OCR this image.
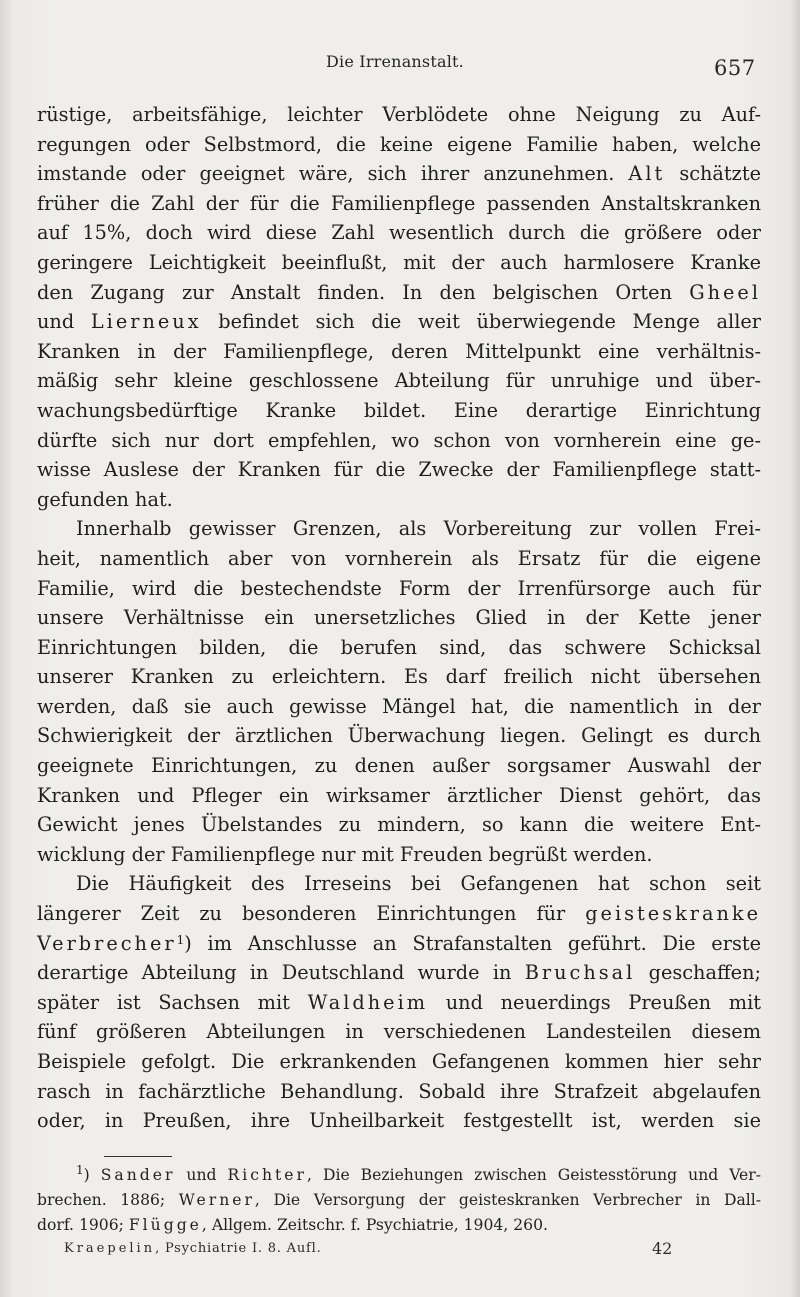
Die Irrenanstalt.	657
rüstige, arbeitsfähige, leichter Verblödete ohne Neigung zu Auf-
regungen oder Selbstmord, die keine eigene Familie haben, welche
imstande oder geeignet wäre, sich ihrer anzunehmen. Alt schätzte
früher die Zahl der für die Familienpflege passenden Anstaltskranken
auf 15%, doch wird diese Zahl wesentlich durch die größere oder
geringere Leichtigkeit beeinflußt, mit der auch harmlosere Kranke
den Zugang zur Anstalt finden. In den belgischen Orten Gheel
und Lierneux befindet sich die weit überwiegende Menge aller
Kranken in der Familienpflege, deren Mittelpunkt eine verhältnis-
mäßig sehr kleine geschlossene Abteilung für unruhige und über-
wachungsbedürftige Kranke bildet. Eine derartige Einrichtung
dürfte sich nur dort empfehlen, wo schon von vornherein eine ge-
wisse Auslese der Kranken für die Zwecke der Familienpflege statt-
gefunden hat.
Innerhalb gewisser Grenzen, als Vorbereitung zur vollen Frei-
heit, namentlich aber von vornherein als Ersatz für die eigene
Familie, wird die bestechendste Form der Irrenfürsorge auch für
unsere Verhältnisse ein unersetzliches Glied in der Kette jener
Einrichtungen bilden, die berufen sind, das schwere Schicksal
unserer Kranken zu erleichtern. Es darf freilich nicht übersehen
werden, daß sie auch gewisse Mängel hat, die namentlich in der
Schwierigkeit der ärztlichen Überwachung liegen. Gelingt es durch
geeignete Einrichtungen, zu denen außer sorgsamer Auswahl der
Kranken und Pfleger ein wirksamer ärztlicher Dienst gehört, das
Gewicht jenes Übelstandes zu mindern, so kann die weitere Ent-
wicklung der Familienpflege nur mit Freuden begrüßt werden.
Die Häufigkeit des Irreseins bei Gefangenen hat schon seit
längerer Zeit zu besonderen Einrichtungen für geisteskranke
Verbrecher$^1$) im Anschlusse an Strafanstalten geführt. Die erste
derartige Abteilung in Deutschland wurde in Bruchsal geschaffen;
später ist Sachsen mit Waldheim und neuerdings Preußen mit
fünf größeren Abteilungen in verschiedenen Landesteilen diesem
Beispiele gefolgt. Die erkrankenden Gefangenen kommen hier sehr
rasch in fachärztliche Behandlung. Sobald ihre Strafzeit abgelaufen
oder, in Preußen, ihre Unheilbarkeit festgestellt ist, werden sie
$^1$) Sander und Richter, Die Beziehungen zwischen Geistesstörung und Ver-
brechen. 1886; Werner, Die Versorgung der geisteskranken Verbrecher in Dall-
dorf. 1906; Flügge, Allgem. Zeitschr. f. Psychiatrie, 1904, 260.
Kraepelin, Psychiatrie I. 8. Aufl.	42
